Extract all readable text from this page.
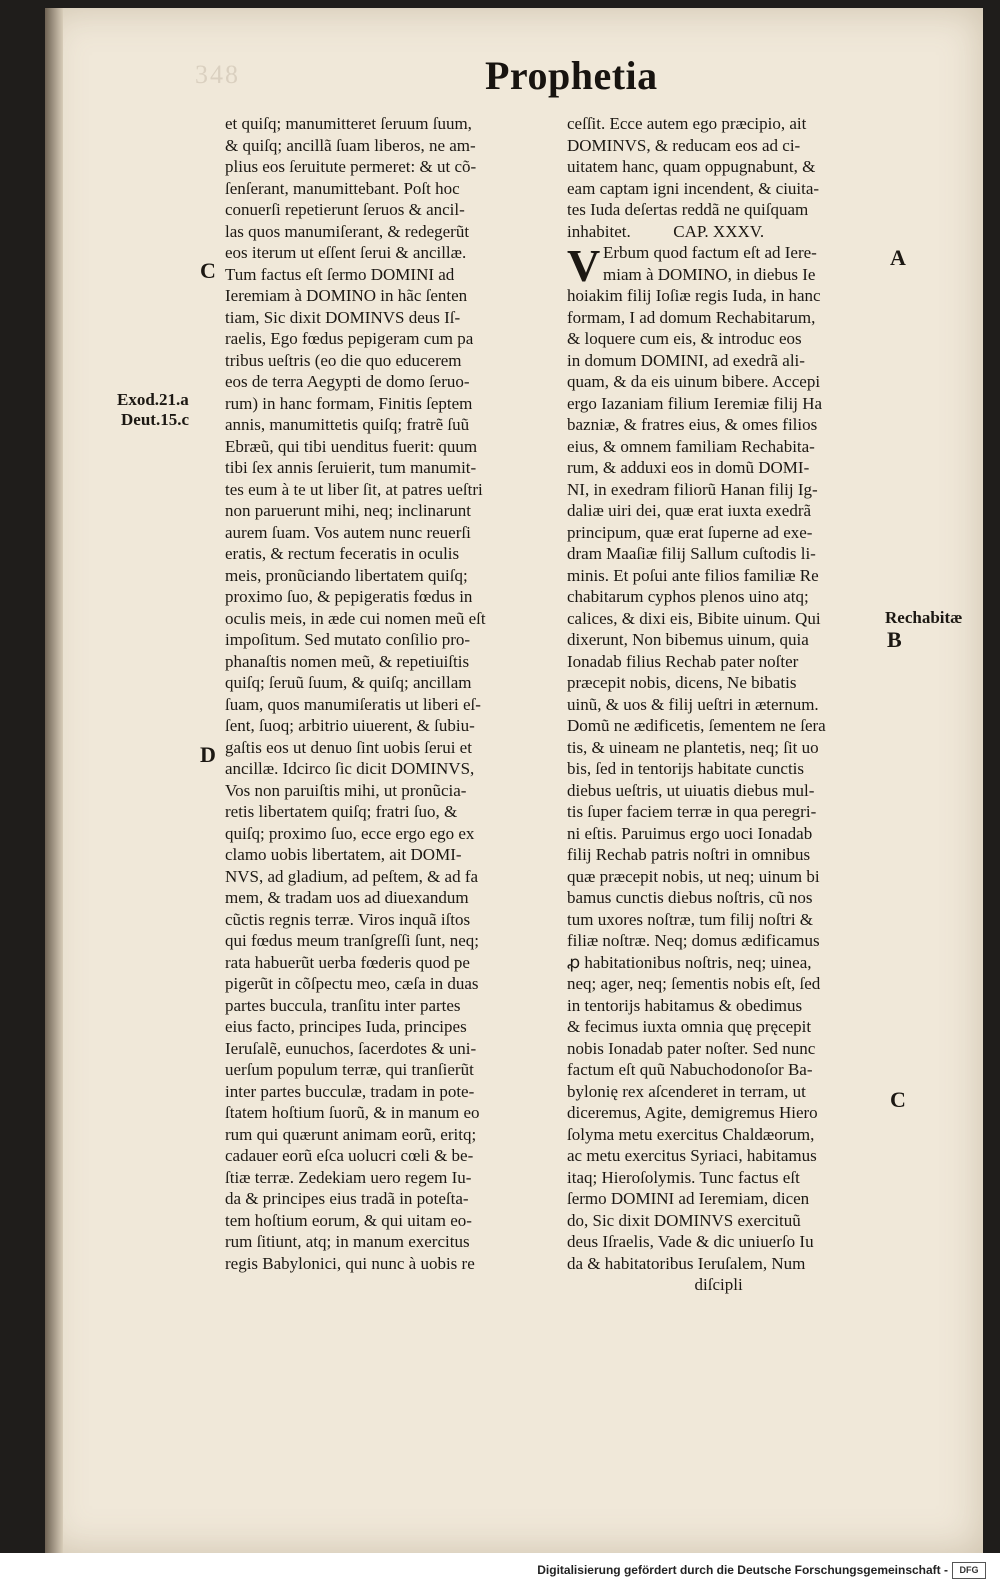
348	Prophetia
et quiſq; manumitteret ſeruum ſuum,
& quiſq; ancillã ſuam liberos, ne am-
plius eos ſeruitute permeret: & ut cõ-
ſenſerant, manumittebant. Poſt hoc
conuerſi repetierunt ſeruos & ancil-
las quos manumiſerant, & redegerũt
eos iterum ut eſſent ſerui & ancillæ.
Tum factus eſt ſermo DOMINI ad
Ieremiam à DOMINO in hãc ſenten
tiam, Sic dixit DOMINVS deus Iſ-
raelis, Ego fœdus pepigeram cum pa
tribus ueſtris (eo die quo educerem
eos de terra Aegypti de domo ſeruo-
rum) in hanc formam, Finitis ſeptem
annis, manumittetis quiſq; fratrẽ ſuũ
Ebræũ, qui tibi uenditus fuerit: quum
tibi ſex annis ſeruierit, tum manumit-
tes eum à te ut liber ſit, at patres ueſtri
non paruerunt mihi, neq; inclinarunt
aurem ſuam. Vos autem nunc reuerſi
eratis, & rectum feceratis in oculis
meis, pronũciando libertatem quiſq;
proximo ſuo, & pepigeratis fœdus in
oculis meis, in æde cui nomen meũ eſt
impoſitum. Sed mutato conſilio pro-
phanaſtis nomen meũ, & repetiuiſtis
quiſq; ſeruũ ſuum, & quiſq; ancillam
ſuam, quos manumiſeratis ut liberi eſ-
ſent, ſuoq; arbitrio uiuerent, & ſubiu-
gaſtis eos ut denuo ſint uobis ſerui et
ancillæ. Idcirco ſic dicit DOMINVS,
Vos non paruiſtis mihi, ut pronũcia-
retis libertatem quiſq; fratri ſuo, &
quiſq; proximo ſuo, ecce ergo ego ex
clamo uobis libertatem, ait DOMI-
NVS, ad gladium, ad peſtem, & ad fa
mem, & tradam uos ad diuexandum
cũctis regnis terræ. Viros inquã iſtos
qui fœdus meum tranſgreſſi ſunt, neq;
rata habuerũt uerba fœderis quod pe
pigerũt in cõſpectu meo, cæſa in duas
partes buccula, tranſitu inter partes
eius facto, principes Iuda, principes
Ieruſalẽ, eunuchos, ſacerdotes & uni-
uerſum populum terræ, qui tranſierũt
inter partes bucculæ, tradam in pote-
ſtatem hoſtium ſuorũ, & in manum eo
rum qui quærunt animam eorũ, eritq;
cadauer eorũ eſca uolucri cœli & be-
ſtiæ terræ. Zedekiam uero regem Iu-
da & principes eius tradã in poteſta-
tem hoſtium eorum, & qui uitam eo-
rum ſitiunt, atq; in manum exercitus
regis Babylonici, qui nunc à uobis re
ceſſit. Ecce autem ego præcipio, ait
DOMINVS, & reducam eos ad ci-
uitatem hanc, quam oppugnabunt, &
eam captam igni incendent, & ciuita-
tes Iuda deſertas reddã ne quiſquam
inhabitet.          CAP. XXXV.
Erbum quod factum eſt ad Iere-
miam à DOMINO, in diebus Ie
hoiakim filij Ioſiæ regis Iuda, in hanc
formam, I ad domum Rechabitarum,
& loquere cum eis, & introduc eos
in domum DOMINI, ad exedrã ali-
quam, & da eis uinum bibere. Accepi
ergo Iazaniam filium Ieremiæ filij Ha
bazniæ, & fratres eius, & omes filios
eius, & omnem familiam Rechabita-
rum, & adduxi eos in domũ DOMI-
NI, in exedram filiorũ Hanan filij Ig-
daliæ uiri dei, quæ erat iuxta exedrã
principum, quæ erat ſuperne ad exe-
dram Maaſiæ filij Sallum cuſtodis li-
minis. Et poſui ante filios familiæ Re
chabitarum cyphos plenos uino atq;
calices, & dixi eis, Bibite uinum. Qui
dixerunt, Non bibemus uinum, quia
Ionadab filius Rechab pater noſter
præcepit nobis, dicens, Ne bibatis
uinũ, & uos & filij ueſtri in æternum.
Domũ ne ædificetis, ſementem ne ſera
tis, & uineam ne plantetis, neq; ſit uo
bis, ſed in tentorijs habitate cunctis
diebus ueſtris, ut uiuatis diebus mul-
tis ſuper faciem terræ in qua peregri-
ni eſtis. Paruimus ergo uoci Ionadab
filij Rechab patris noſtri in omnibus
quæ præcepit nobis, ut neq; uinum bi
bamus cunctis diebus noſtris, cũ nos
tum uxores noſtræ, tum filij noſtri &
filiæ noſtræ. Neq; domus ædificamus
ꝓ habitationibus noſtris, neq; uinea,
neq; ager, neq; ſementis nobis eſt, ſed
in tentorijs habitamus & obedimus
& fecimus iuxta omnia quę pręcepit
nobis Ionadab pater noſter. Sed nunc
factum eſt quũ Nabuchodonoſor Ba-
bylonię rex aſcenderet in terram, ut
diceremus, Agite, demigremus Hiero
ſolyma metu exercitus Chaldæorum,
ac metu exercitus Syriaci, habitamus
itaq; Hieroſolymis. Tunc factus eſt
ſermo DOMINI ad Ieremiam, dicen
do, Sic dixit DOMINVS exercituũ
deus Iſraelis, Vade & dic uniuerſo Iu
da & habitatoribus Ieruſalem, Num
diſcipli
V
Exod.21.a
Deut.15.c
Rechabitæ
C
D
A
B
C
Digitalisierung gefördert durch die Deutsche Forschungsgemeinschaft -	DFG
